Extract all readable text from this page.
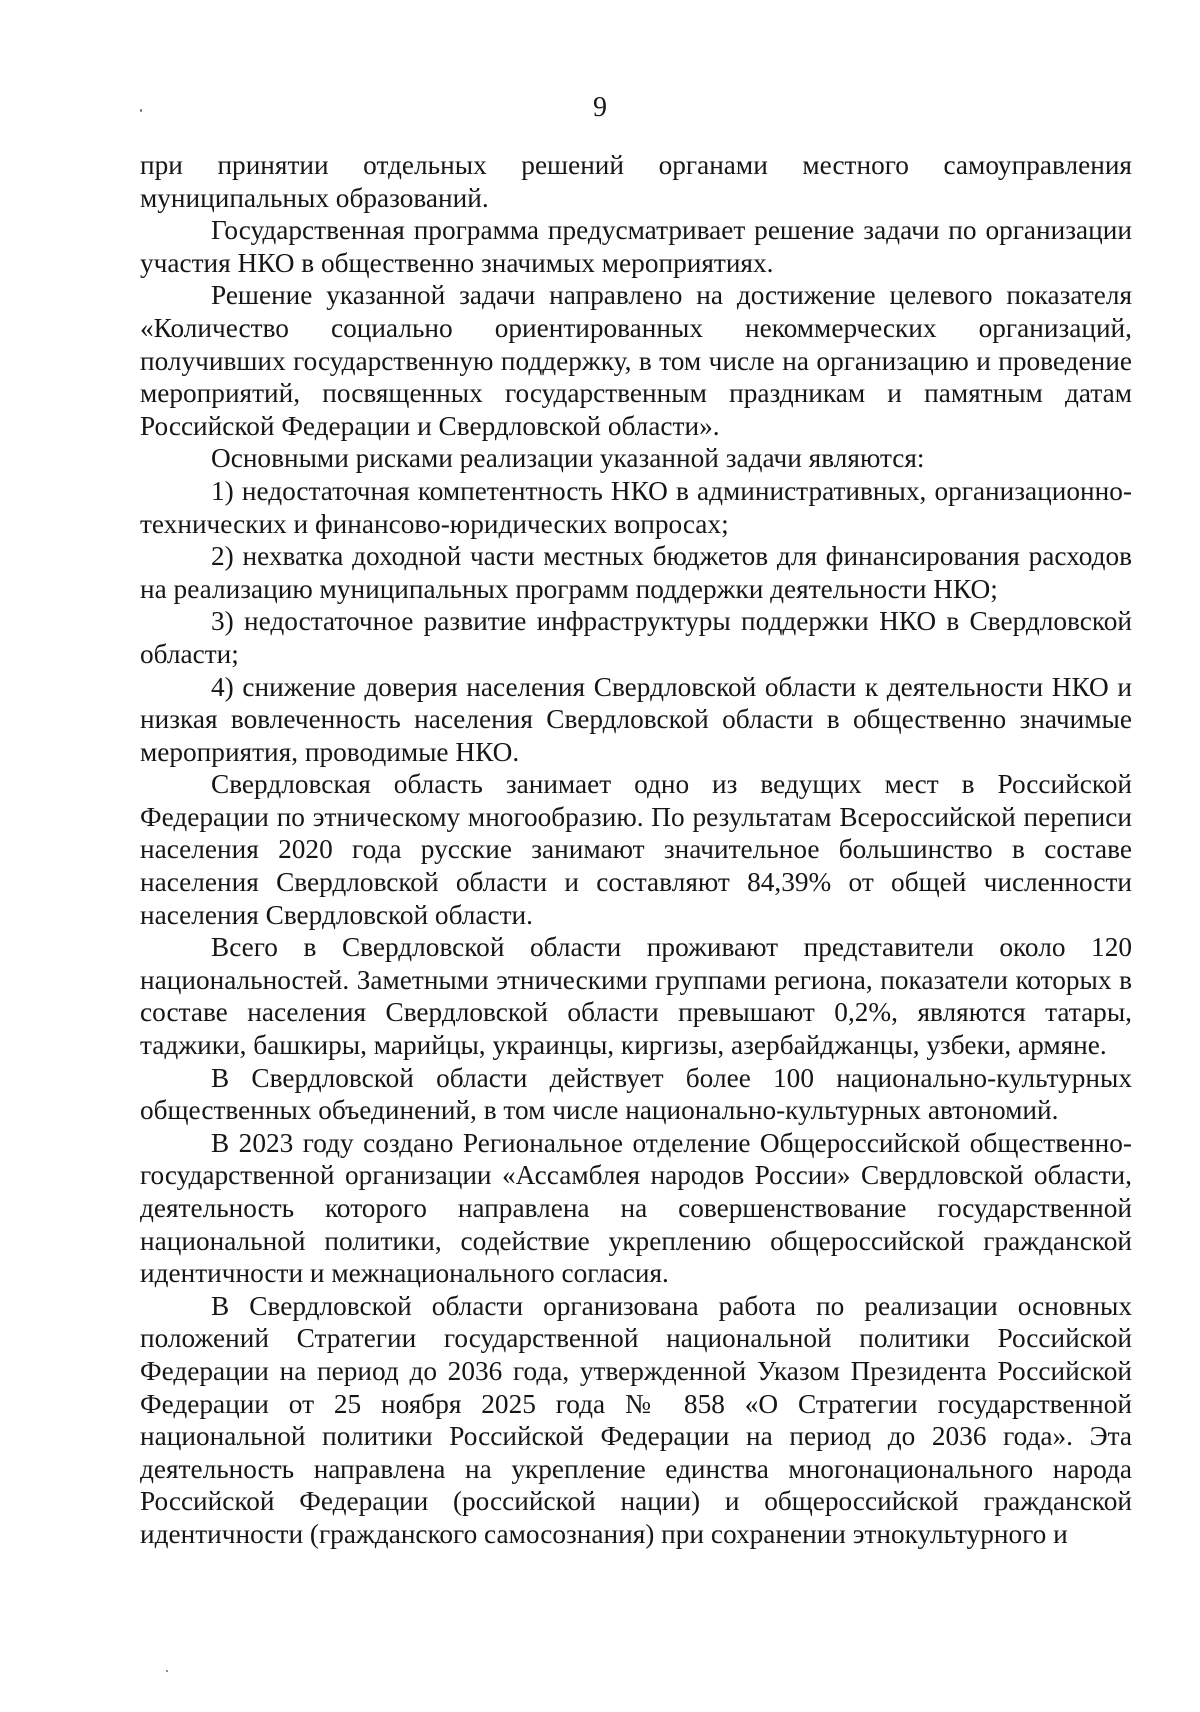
9

при принятии отдельных решений органами местного самоуправления муниципальных образований.

Государственная программа предусматривает решение задачи по организации участия НКО в общественно значимых мероприятиях.

Решение указанной задачи направлено на достижение целевого показателя «Количество социально ориентированных некоммерческих организаций, получивших государственную поддержку, в том числе на организацию и проведение мероприятий, посвященных государственным праздникам и памятным датам Российской Федерации и Свердловской области».

Основными рисками реализации указанной задачи являются:

1) недостаточная компетентность НКО в административных, организационно-технических и финансово-юридических вопросах;

2) нехватка доходной части местных бюджетов для финансирования расходов на реализацию муниципальных программ поддержки деятельности НКО;

3) недостаточное развитие инфраструктуры поддержки НКО в Свердловской области;

4) снижение доверия населения Свердловской области к деятельности НКО и низкая вовлеченность населения Свердловской области в общественно значимые мероприятия, проводимые НКО.

Свердловская область занимает одно из ведущих мест в Российской Федерации по этническому многообразию. По результатам Всероссийской переписи населения 2020 года русские занимают значительное большинство в составе населения Свердловской области и составляют 84,39% от общей численности населения Свердловской области.

Всего в Свердловской области проживают представители около 120 национальностей. Заметными этническими группами региона, показатели которых в составе населения Свердловской области превышают 0,2%, являются татары, таджики, башкиры, марийцы, украинцы, киргизы, азербайджанцы, узбеки, армяне.

В Свердловской области действует более 100 национально-культурных общественных объединений, в том числе национально-культурных автономий.

В 2023 году создано Региональное отделение Общероссийской общественно-государственной организации «Ассамблея народов России» Свердловской области, деятельность которого направлена на совершенствование государственной национальной политики, содействие укреплению общероссийской гражданской идентичности и межнационального согласия.

В Свердловской области организована работа по реализации основных положений Стратегии государственной национальной политики Российской Федерации на период до 2036 года, утвержденной Указом Президента Российской Федерации от 25 ноября 2025 года № 858 «О Стратегии государственной национальной политики Российской Федерации на период до 2036 года». Эта деятельность направлена на укрепление единства многонационального народа Российской Федерации (российской нации) и общероссийской гражданской идентичности (гражданского самосознания) при сохранении этнокультурного и
